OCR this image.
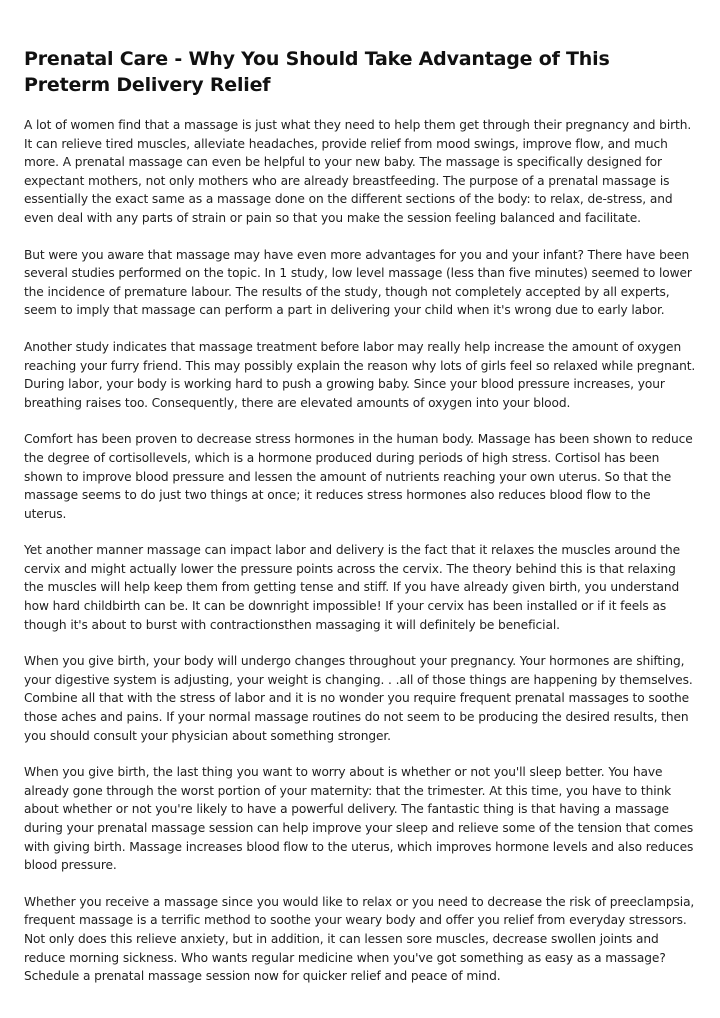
Prenatal Care - Why You Should Take Advantage of This Preterm Delivery Relief

A lot of women find that a massage is just what they need to help them get through their pregnancy and birth. It can relieve tired muscles, alleviate headaches, provide relief from mood swings, improve flow, and much more. A prenatal massage can even be helpful to your new baby. The massage is specifically designed for expectant mothers, not only mothers who are already breastfeeding. The purpose of a prenatal massage is essentially the exact same as a massage done on the different sections of the body: to relax, de-stress, and even deal with any parts of strain or pain so that you make the session feeling balanced and facilitate.

But were you aware that massage may have even more advantages for you and your infant? There have been several studies performed on the topic. In 1 study, low level massage (less than five minutes) seemed to lower the incidence of premature labour. The results of the study, though not completely accepted by all experts, seem to imply that massage can perform a part in delivering your child when it's wrong due to early labor.

Another study indicates that massage treatment before labor may really help increase the amount of oxygen reaching your furry friend. This may possibly explain the reason why lots of girls feel so relaxed while pregnant. During labor, your body is working hard to push a growing baby. Since your blood pressure increases, your breathing raises too. Consequently, there are elevated amounts of oxygen into your blood.

Comfort has been proven to decrease stress hormones in the human body. Massage has been shown to reduce the degree of cortisollevels, which is a hormone produced during periods of high stress. Cortisol has been shown to improve blood pressure and lessen the amount of nutrients reaching your own uterus. So that the massage seems to do just two things at once; it reduces stress hormones also reduces blood flow to the uterus.

Yet another manner massage can impact labor and delivery is the fact that it relaxes the muscles around the cervix and might actually lower the pressure points across the cervix. The theory behind this is that relaxing the muscles will help keep them from getting tense and stiff. If you have already given birth, you understand how hard childbirth can be. It can be downright impossible! If your cervix has been installed or if it feels as though it's about to burst with contractionsthen massaging it will definitely be beneficial.

When you give birth, your body will undergo changes throughout your pregnancy. Your hormones are shifting, your digestive system is adjusting, your weight is changing. . .all of those things are happening by themselves. Combine all that with the stress of labor and it is no wonder you require frequent prenatal massages to soothe those aches and pains. If your normal massage routines do not seem to be producing the desired results, then you should consult your physician about something stronger.

When you give birth, the last thing you want to worry about is whether or not you'll sleep better. You have already gone through the worst portion of your maternity: that the trimester. At this time, you have to think about whether or not you're likely to have a powerful delivery. The fantastic thing is that having a massage during your prenatal massage session can help improve your sleep and relieve some of the tension that comes with giving birth. Massage increases blood flow to the uterus, which improves hormone levels and also reduces blood pressure.

Whether you receive a massage since you would like to relax or you need to decrease the risk of preeclampsia, frequent massage is a terrific method to soothe your weary body and offer you relief from everyday stressors. Not only does this relieve anxiety, but in addition, it can lessen sore muscles, decrease swollen joints and reduce morning sickness. Who wants regular medicine when you've got something as easy as a massage? Schedule a prenatal massage session now for quicker relief and peace of mind.
